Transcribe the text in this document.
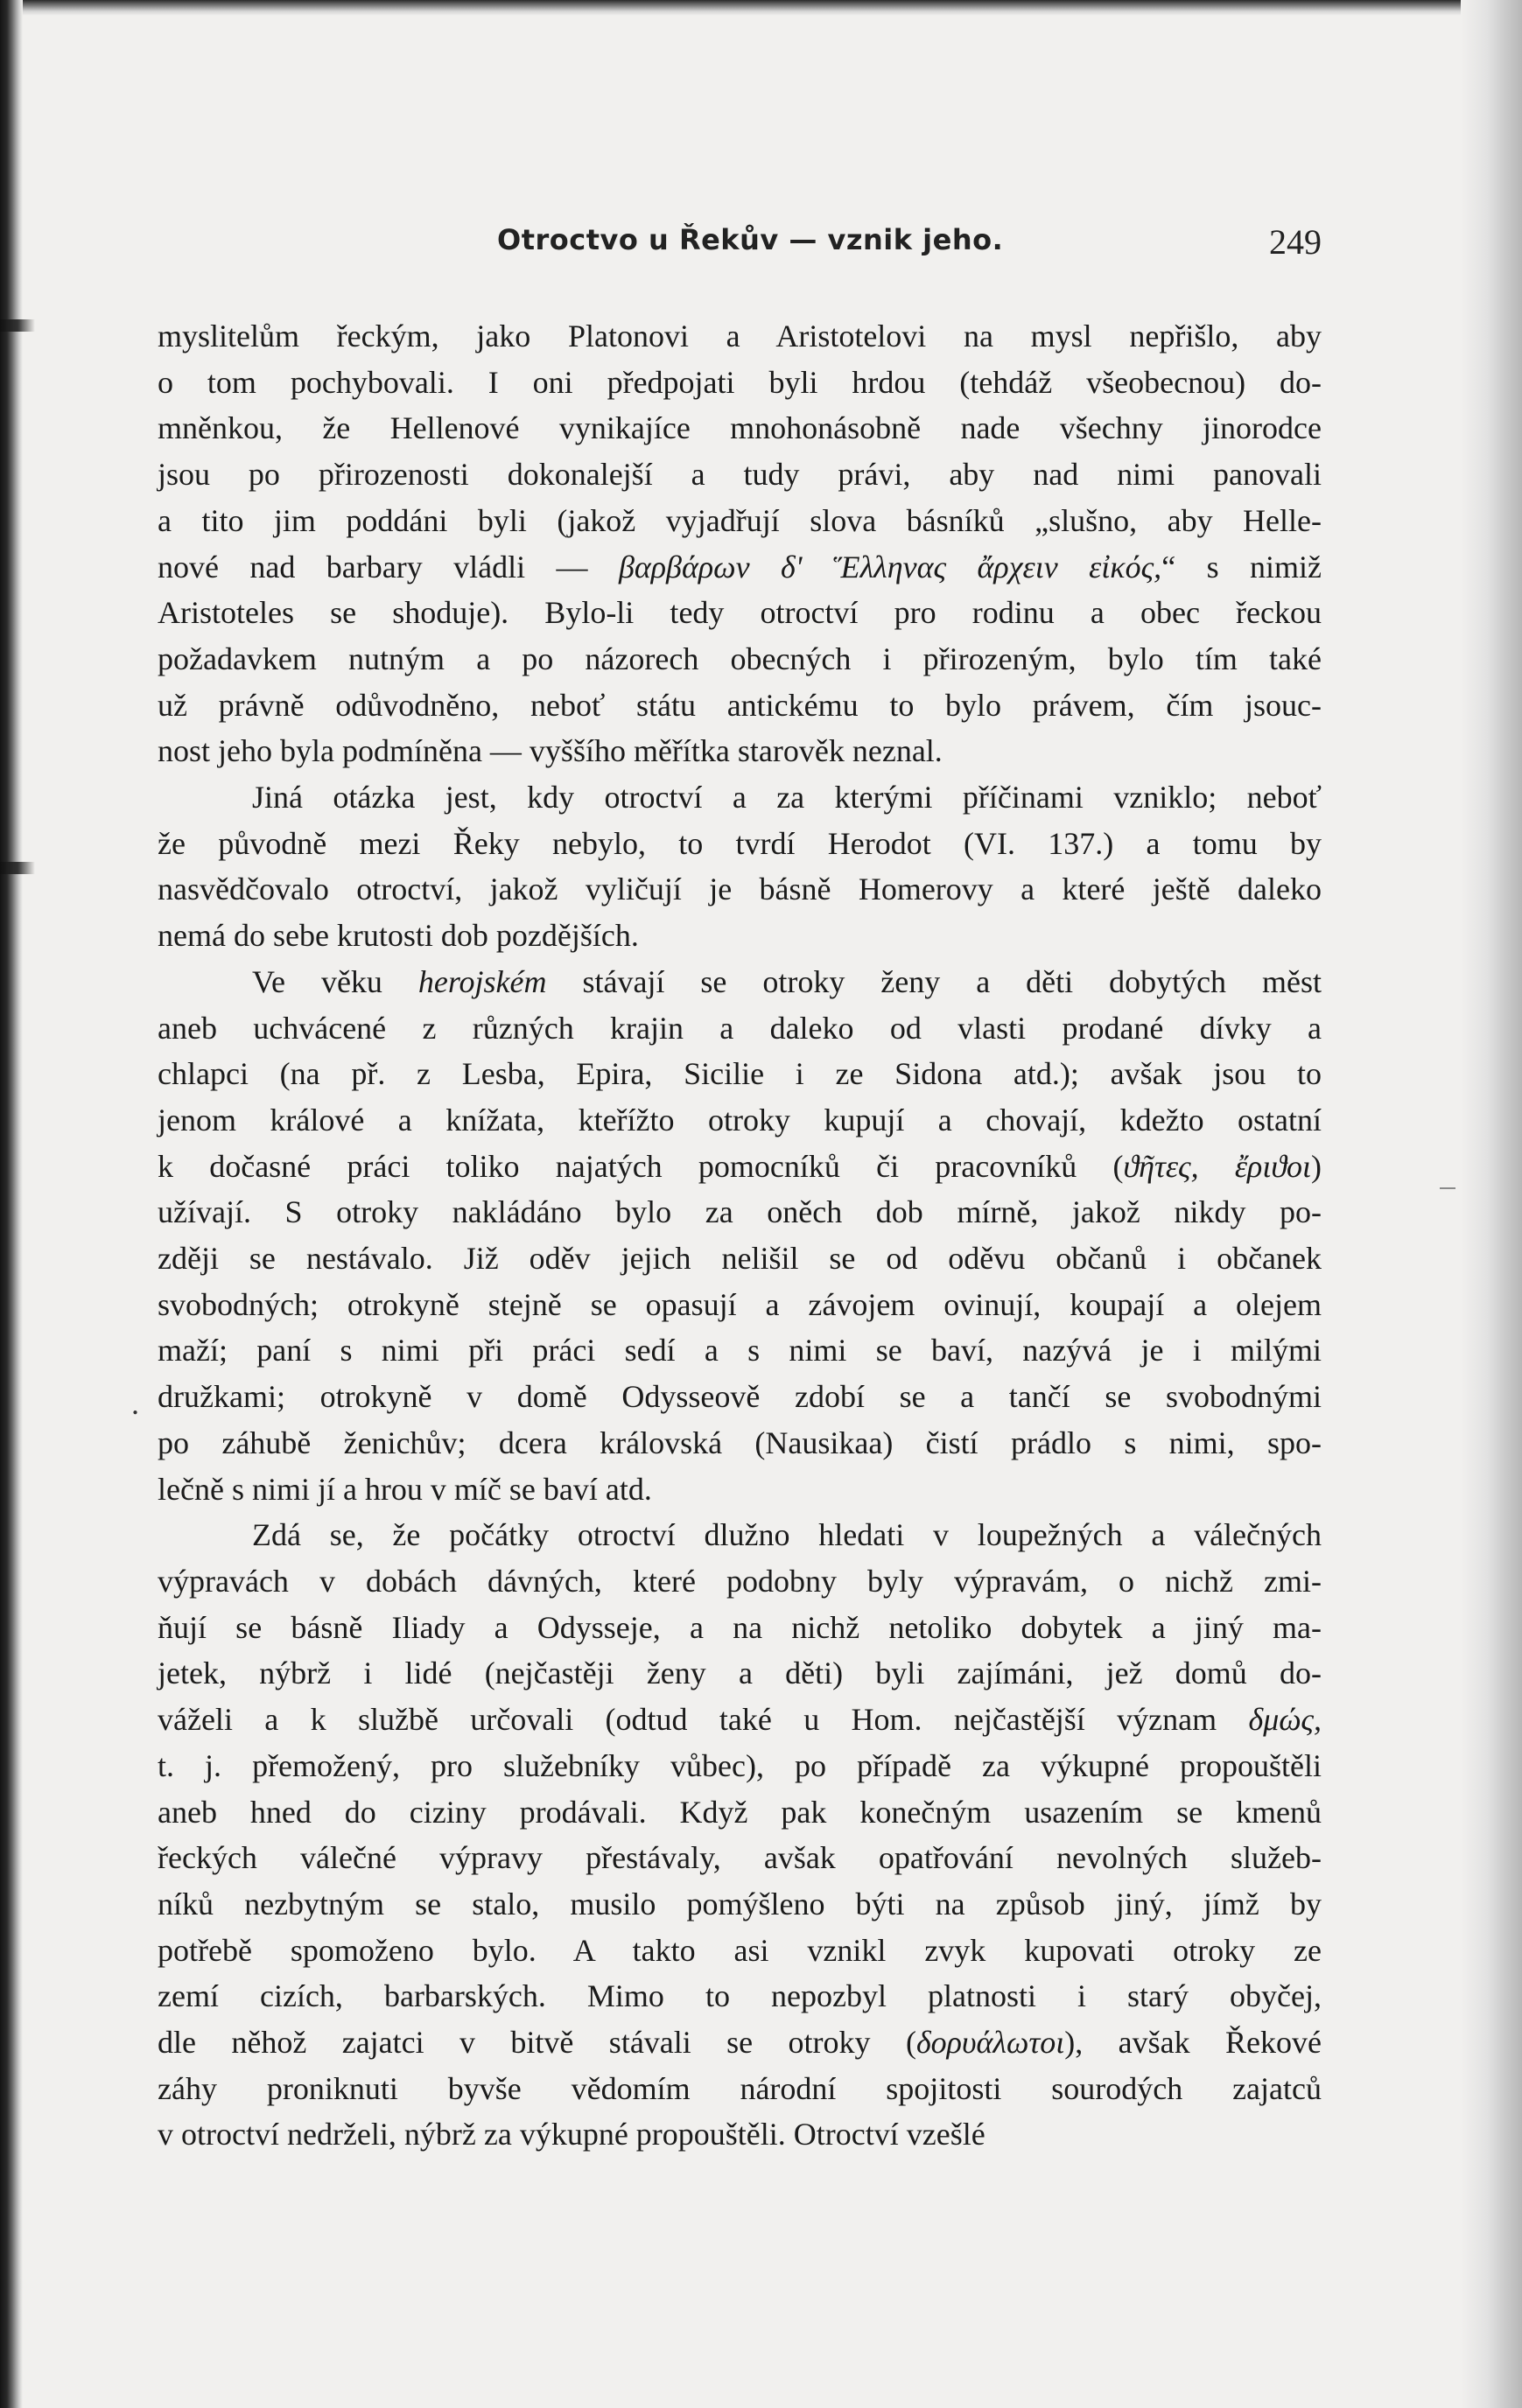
Otroctvo u Řekův — vznik jeho.	249
.
myslitelům řeckým, jako Platonovi a Aristotelovi na mysl nepřišlo, aby
o tom pochybovali. I oni předpojati byli hrdou (tehdáž všeobecnou) do-
mněnkou, že Hellenové vynikajíce mnohonásobně nade všechny jinorodce
jsou po přirozenosti dokonalejší a tudy právi, aby nad nimi panovali
a tito jim poddáni byli (jakož vyjadřují slova básníků „slušno, aby Helle-
nové nad barbary vládli — βαρβάρων δ' Ἕλληνας ἄρχειν εἰκός,“ s nimiž
Aristoteles se shoduje). Bylo-li tedy otroctví pro rodinu a obec řeckou
požadavkem nutným a po názorech obecných i přirozeným, bylo tím také
už právně odůvodněno, neboť státu antickému to bylo právem, čím jsouc-
nost jeho byla podmíněna — vyššího měřítka starověk neznal.
Jiná otázka jest, kdy otroctví a za kterými příčinami vzniklo; neboť
že původně mezi Řeky nebylo, to tvrdí Herodot (VI. 137.) a tomu by
nasvědčovalo otroctví, jakož vyličují je básně Homerovy a které ještě daleko
nemá do sebe krutosti dob pozdějších.
Ve věku herojském stávají se otroky ženy a děti dobytých měst
aneb uchvácené z různých krajin a daleko od vlasti prodané dívky a
chlapci (na př. z Lesba, Epira, Sicilie i ze Sidona atd.); avšak jsou to
jenom králové a knížata, kteřížto otroky kupují a chovají, kdežto ostatní
k dočasné práci toliko najatých pomocníků či pracovníků (ϑῆτες, ἔριϑοι)
užívají. S otroky nakládáno bylo za oněch dob mírně, jakož nikdy po-
zději se nestávalo. Již oděv jejich nelišil se od oděvu občanů i občanek
svobodných; otrokyně stejně se opasují a závojem ovinují, koupají a olejem
maží; paní s nimi při práci sedí a s nimi se baví, nazývá je i milými
družkami; otrokyně v domě Odysseově zdobí se a tančí se svobodnými
po záhubě ženichův; dcera královská (Nausikaa) čistí prádlo s nimi, spo-
lečně s nimi jí a hrou v míč se baví atd.
Zdá se, že počátky otroctví dlužno hledati v loupežných a válečných
výpravách v dobách dávných, které podobny byly výpravám, o nichž zmi-
ňují se básně Iliady a Odysseje, a na nichž netoliko dobytek a jiný ma-
jetek, nýbrž i lidé (nejčastěji ženy a děti) byli zajímáni, jež domů do-
váželi a k službě určovali (odtud také u Hom. nejčastější význam δμώς,
t. j. přemožený, pro služebníky vůbec), po případě za výkupné propouštěli
aneb hned do ciziny prodávali. Když pak konečným usazením se kmenů
řeckých válečné výpravy přestávaly, avšak opatřování nevolných služeb-
níků nezbytným se stalo, musilo pomýšleno býti na způsob jiný, jímž by
potřebě spomoženo bylo. A takto asi vznikl zvyk kupovati otroky ze
zemí cizích, barbarských. Mimo to nepozbyl platnosti i starý obyčej,
dle něhož zajatci v bitvě stávali se otroky (δορυάλωτοι), avšak Řekové
záhy proniknuti byvše vědomím národní spojitosti sourodých zajatců
v otroctví nedrželi, nýbrž za výkupné propouštěli. Otroctví vzešlé
